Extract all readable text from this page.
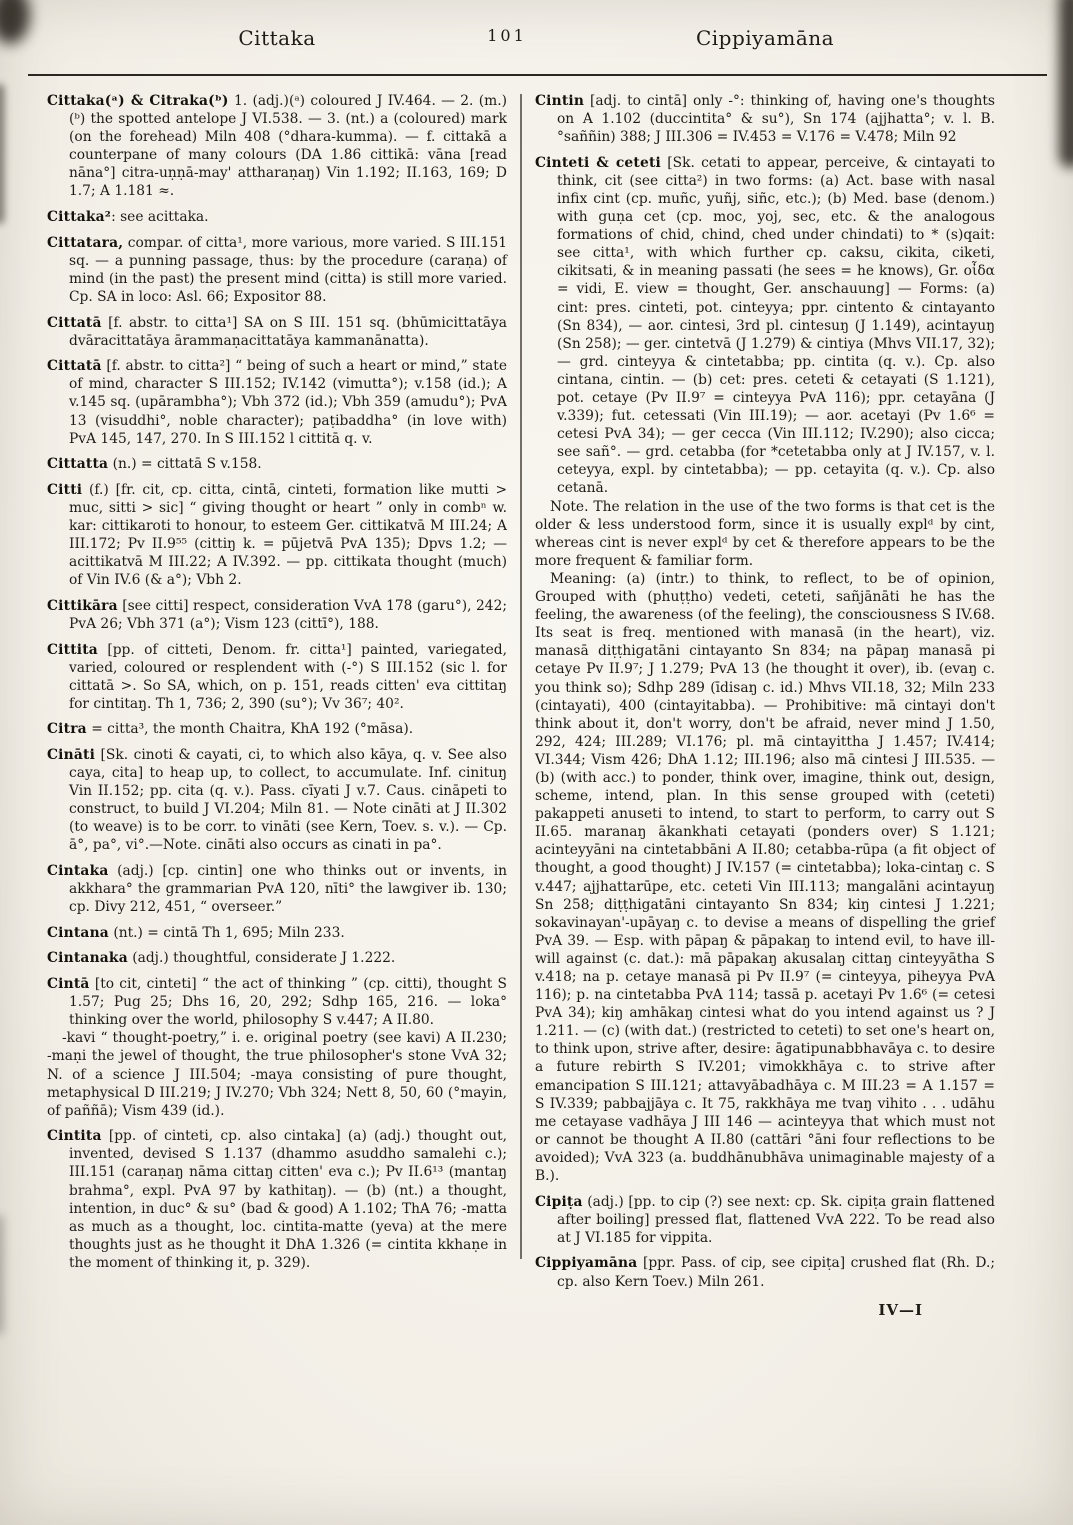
Cittaka	101	Cippiyamāna

Cittaka(ᵃ) & Citraka(ᵇ) 1. (adj.)(ᵃ) coloured J IV.464. — 2. (m.)(ᵇ) the spotted antelope J VI.538. — 3. (nt.) a (coloured) mark (on the forehead) Miln 408 (°dhara-kumma). — f. cittakā a counterpane of many colours (DA 1.86 cittikā: vāna [read nāna°] citra-uṇṇā-may' attharaṇaŋ) Vin 1.192; II.163, 169; D 1.7; A 1.181 ≈.

Cittaka²: see acittaka.

Cittatara, compar. of citta¹, more various, more varied. S III.151 sq. — a punning passage, thus: by the procedure (caraṇa) of mind (in the past) the present mind (citta) is still more varied. Cp. SA in loco: Asl. 66; Expositor 88.

Cittatā [f. abstr. to citta¹] SA on S III. 151 sq. (bhūmicittatāya dvāracittatāya ārammaṇacittatāya kammanānatta).

Cittatā [f. abstr. to citta²] “ being of such a heart or mind,” state of mind, character S III.152; IV.142 (vimutta°); v.158 (id.); A v.145 sq. (upārambha°); Vbh 372 (id.); Vbh 359 (amudu°); PvA 13 (visuddhi°, noble character); paṭibaddha° (in love with) PvA 145, 147, 270. In S III.152 l cittitā q. v.

Cittatta (n.) = cittatā S v.158.

Citti (f.) [fr. cit, cp. citta, cintā, cinteti, formation like mutti > muc, sitti > sic] “ giving thought or heart ” only in combⁿ w. kar: cittikaroti to honour, to esteem Ger. cittikatvā M III.24; A III.172; Pv II.9⁵⁵ (cittiŋ k. = pūjetvā PvA 135); Dpvs 1.2; — acittikatvā M III.22; A IV.392. — pp. cittikata thought (much) of Vin IV.6 (& a°); Vbh 2.

Cittikāra [see citti] respect, consideration VvA 178 (garu°), 242; PvA 26; Vbh 371 (a°); Vism 123 (cittī°), 188.

Cittita [pp. of citteti, Denom. fr. citta¹] painted, variegated, varied, coloured or resplendent with (-°) S III.152 (sic l. for cittatā >. So SA, which, on p. 151, reads citten' eva cittitaŋ for cintitaŋ. Th 1, 736; 2, 390 (su°); Vv 36⁷; 40².

Citra = citta³, the month Chaitra, KhA 192 (°māsa).

Cināti [Sk. cinoti & cayati, ci, to which also kāya, q. v. See also caya, cita] to heap up, to collect, to accumulate. Inf. cinituŋ Vin II.152; pp. cita (q. v.). Pass. cīyati J v.7. Caus. cināpeti to construct, to build J VI.204; Miln 81. — Note cināti at J II.302 (to weave) is to be corr. to vināti (see Kern, Toev. s. v.). — Cp. ā°, pa°, vi°.—Note. cināti also occurs as cinati in pa°.

Cintaka (adj.) [cp. cintin] one who thinks out or invents, in akkhara° the grammarian PvA 120, nīti° the lawgiver ib. 130; cp. Divy 212, 451, “ overseer.”

Cintana (nt.) = cintā Th 1, 695; Miln 233.

Cintanaka (adj.) thoughtful, considerate J 1.222.

Cintā [to cit, cinteti] “ the act of thinking ” (cp. citti), thought S 1.57; Pug 25; Dhs 16, 20, 292; Sdhp 165, 216. — loka° thinking over the world, philosophy S v.447; A II.80.

-kavi “ thought-poetry,” i. e. original poetry (see kavi) A II.230; -maṇi the jewel of thought, the true philosopher's stone VvA 32; N. of a science J III.504; -maya consisting of pure thought, metaphysical D III.219; J IV.270; Vbh 324; Nett 8, 50, 60 (°mayin, of paññā); Vism 439 (id.).

Cintita [pp. of cinteti, cp. also cintaka] (a) (adj.) thought out, invented, devised S 1.137 (dhammo asuddho samalehi c.); III.151 (caraṇaŋ nāma cittaŋ citten' eva c.); Pv II.6¹³ (mantaŋ brahma°, expl. PvA 97 by kathitaŋ). — (b) (nt.) a thought, intention, in duc° & su° (bad & good) A 1.102; ThA 76; -matta as much as a thought, loc. cintita-matte (yeva) at the mere thoughts just as he thought it DhA 1.326 (= cintita kkhaṇe in the moment of thinking it, p. 329).

Cintin [adj. to cintā] only -°: thinking of, having one's thoughts on A 1.102 (duccintita° & su°), Sn 174 (ajjhatta°; v. l. B. °saññin) 388; J III.306 = IV.453 = V.176 = V.478; Miln 92

Cinteti & ceteti [Sk. cetati to appear, perceive, & cintayati to think, cit (see citta²) in two forms: (a) Act. base with nasal infix cint (cp. muñc, yuñj, siñc, etc.); (b) Med. base (denom.) with guṇa cet (cp. moc, yoj, sec, etc. & the analogous formations of chid, chind, ched under chindati) to * (s)qait: see citta¹, with which further cp. caksu, cikita, ciketi, cikitsati, & in meaning passati (he sees = he knows), Gr. οἶδα = vidi, E. view = thought, Ger. anschauung] — Forms: (a) cint: pres. cinteti, pot. cinteyya; ppr. cintento & cintayanto (Sn 834), — aor. cintesi, 3rd pl. cintesuŋ (J 1.149), acintayuŋ (Sn 258); — ger. cintetvā (J 1.279) & cintiya (Mhvs VII.17, 32); — grd. cinteyya & cintetabba; pp. cintita (q. v.). Cp. also cintana, cintin. — (b) cet: pres. ceteti & cetayati (S 1.121), pot. cetaye (Pv II.9⁷ = cinteyya PvA 116); ppr. cetayāna (J v.339); fut. cetessati (Vin III.19); — aor. acetayi (Pv 1.6⁶ = cetesi PvA 34); — ger cecca (Vin III.112; IV.290); also cicca; see sañ°. — grd. cetabba (for *cetetabba only at J IV.157, v. l. ceteyya, expl. by cintetabba); — pp. cetayita (q. v.). Cp. also cetanā.

Note. The relation in the use of the two forms is that cet is the older & less understood form, since it is usually explᵈ by cint, whereas cint is never explᵈ by cet & therefore appears to be the more frequent & familiar form.

Meaning: (a) (intr.) to think, to reflect, to be of opinion, Grouped with (phuṭṭho) vedeti, ceteti, sañjānāti he has the feeling, the awareness (of the feeling), the consciousness S IV.68. Its seat is freq. mentioned with manasā (in the heart), viz. manasā diṭṭhigatāni cintayanto Sn 834; na pāpaŋ manasā pi cetaye Pv II.9⁷; J 1.279; PvA 13 (he thought it over), ib. (evaŋ c. you think so); Sdhp 289 (īdisaŋ c. id.) Mhvs VII.18, 32; Miln 233 (cintayati), 400 (cintayitabba). — Prohibitive: mā cintayi don't think about it, don't worry, don't be afraid, never mind J 1.50, 292, 424; III.289; VI.176; pl. mā cintayittha J 1.457; IV.414; VI.344; Vism 426; DhA 1.12; III.196; also mā cintesi J III.535. — (b) (with acc.) to ponder, think over, imagine, think out, design, scheme, intend, plan. In this sense grouped with (ceteti) pakappeti anuseti to intend, to start to perform, to carry out S II.65. maranaŋ ākankhati cetayati (ponders over) S 1.121; acinteyyāni na cintetabbāni A II.80; cetabba-rūpa (a fit object of thought, a good thought) J IV.157 (= cintetabba); loka-cintaŋ c. S v.447; ajjhattarūpe, etc. ceteti Vin III.113; mangalāni acintayuŋ Sn 258; diṭṭhigatāni cintayanto Sn 834; kiŋ cintesi J 1.221; sokavinayan'-upāyaŋ c. to devise a means of dispelling the grief PvA 39. — Esp. with pāpaŋ & pāpakaŋ to intend evil, to have ill-will against (c. dat.): mā pāpakaŋ akusalaŋ cittaŋ cinteyyātha S v.418; na p. cetaye manasā pi Pv II.9⁷ (= cinteyya, piheyya PvA 116); p. na cintetabba PvA 114; tassā p. acetayi Pv 1.6⁶ (= cetesi PvA 34); kiŋ amhākaŋ cintesi what do you intend against us ? J 1.211. — (c) (with dat.) (restricted to ceteti) to set one's heart on, to think upon, strive after, desire: āgatipunabbhavāya c. to desire a future rebirth S IV.201; vimokkhāya c. to strive after emancipation S III.121; attavyābadhāya c. M III.23 = A 1.157 = S IV.339; pabbajjāya c. It 75, rakkhāya me tvaŋ vihito . . . udāhu me cetayase vadhāya J III 146 — acinteyya that which must not or cannot be thought A II.80 (cattāri °āni four reflections to be avoided); VvA 323 (a. buddhānubhāva unimaginable majesty of a B.).

Cipiṭa (adj.) [pp. to cip (?) see next: cp. Sk. cipiṭa grain flattened after boiling] pressed flat, flattened VvA 222. To be read also at J VI.185 for vippita.

Cippiyamāna [ppr. Pass. of cip, see cipiṭa] crushed flat (Rh. D.; cp. also Kern Toev.) Miln 261.

IV—I
